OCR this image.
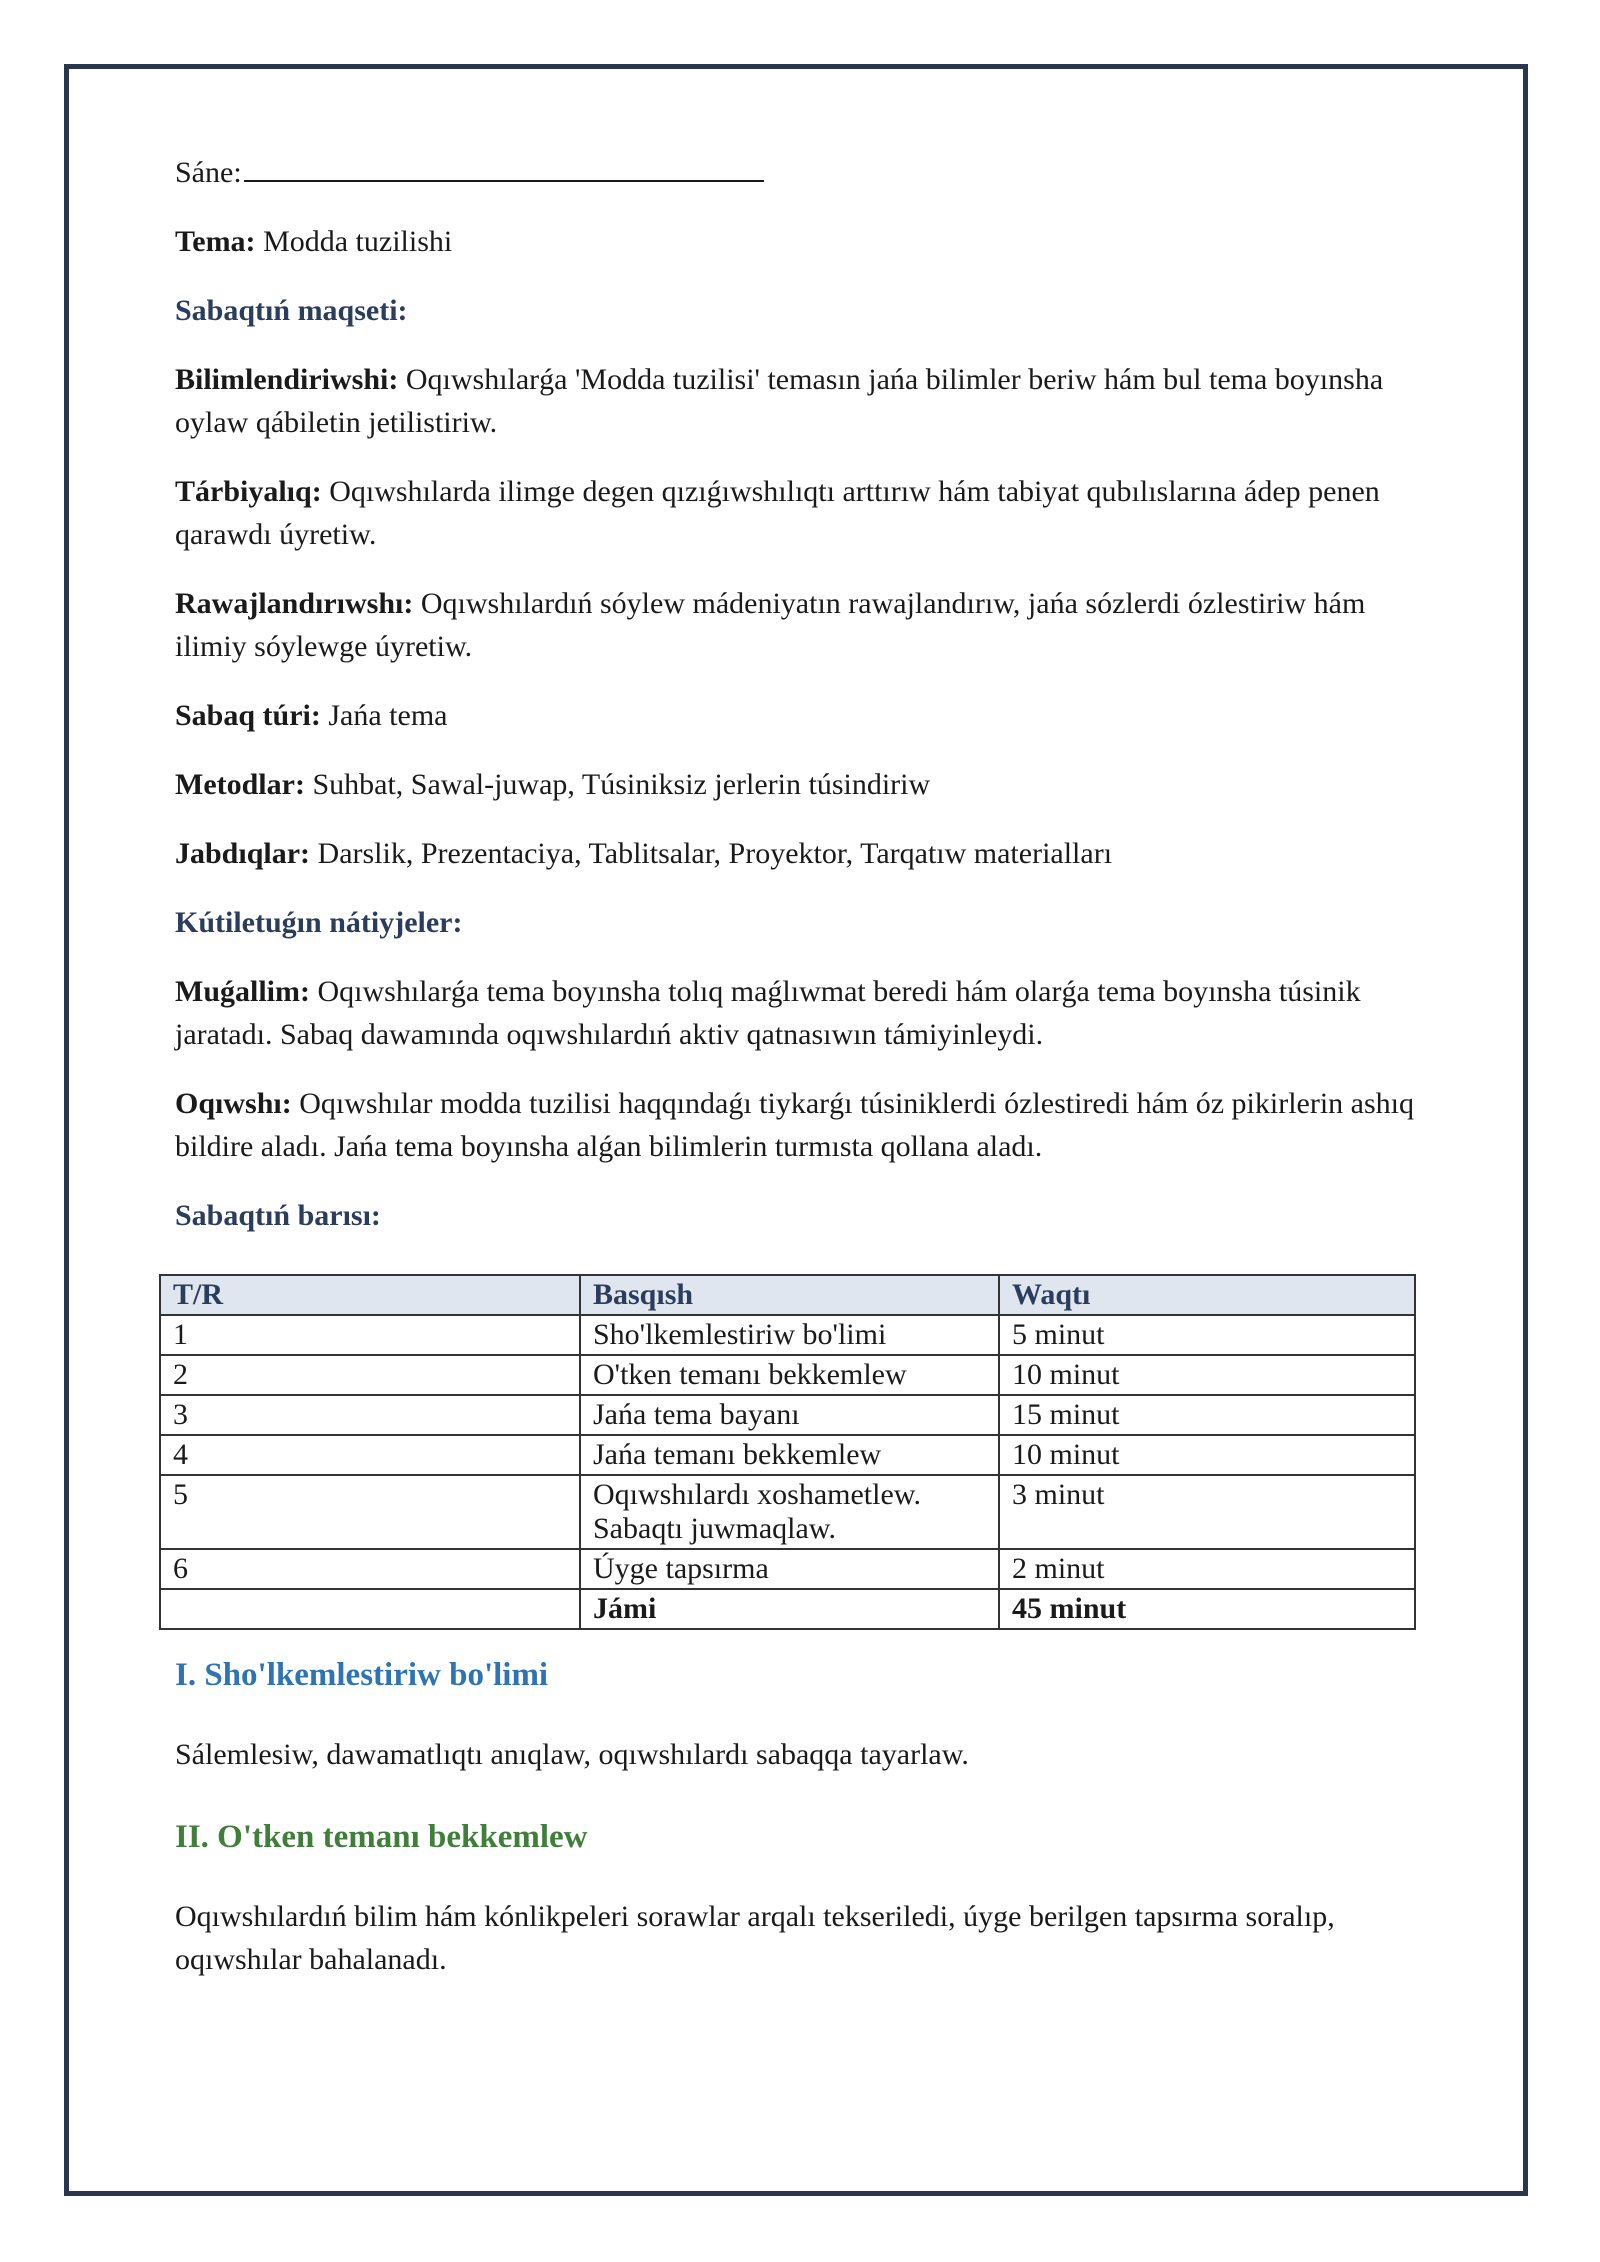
Sáne:

Tema: Modda tuzilishi

Sabaqtıń maqseti:

Bilimlendiriwshi: Oqıwshılarǵa 'Modda tuzilisi' temasın jańa bilimler beriw hám bul tema boyınsha oylaw qábiletin jetilistiriw.

Tárbiyalıq: Oqıwshılarda ilimge degen qızıǵıwshılıqtı arttırıw hám tabiyat qubılıslarına ádep penen qarawdı úyretiw.

Rawajlandırıwshı: Oqıwshılardıń sóylew mádeniyatın rawajlandırıw, jańa sózlerdi ózlestiriw hám ilimiy sóylewge úyretiw.

Sabaq túri: Jańa tema

Metodlar: Suhbat, Sawal-juwap, Túsiniksiz jerlerin túsindiriw

Jabdıqlar: Darslik, Prezentaciya, Tablitsalar, Proyektor, Tarqatıw materialları

Kútiletuǵın nátiyjeler:

Muǵallim: Oqıwshılarǵa tema boyınsha tolıq maǵlıwmat beredi hám olarǵa tema boyınsha túsinik jaratadı. Sabaq dawamında oqıwshılardıń aktiv qatnasıwın támiyinleydi.

Oqıwshı: Oqıwshılar modda tuzilisi haqqındaǵı tiykarǵı túsiniklerdi ózlestiredi hám óz pikirlerin ashıq bildire aladı. Jańa tema boyınsha alǵan bilimlerin turmısta qollana aladı.

Sabaqtıń barısı:

T/R	Basqısh	Waqtı
1	Sho'lkemlestiriw bo'limi	5 minut
2	O'tken temanı bekkemlew	10 minut
3	Jańa tema bayanı	15 minut
4	Jańa temanı bekkemlew	10 minut
5	Oqıwshılardı xoshametlew. Sabaqtı juwmaqlaw.	3 minut
6	Úyge tapsırma	2 minut
	Jámi	45 minut

I. Sho'lkemlestiriw bo'limi

Sálemlesiw, dawamatlıqtı anıqlaw, oqıwshılardı sabaqqa tayarlaw.

II. O'tken temanı bekkemlew

Oqıwshılardıń bilim hám kónlikpeleri sorawlar arqalı tekseriledi, úyge berilgen tapsırma soralıp, oqıwshılar bahalanadı.
